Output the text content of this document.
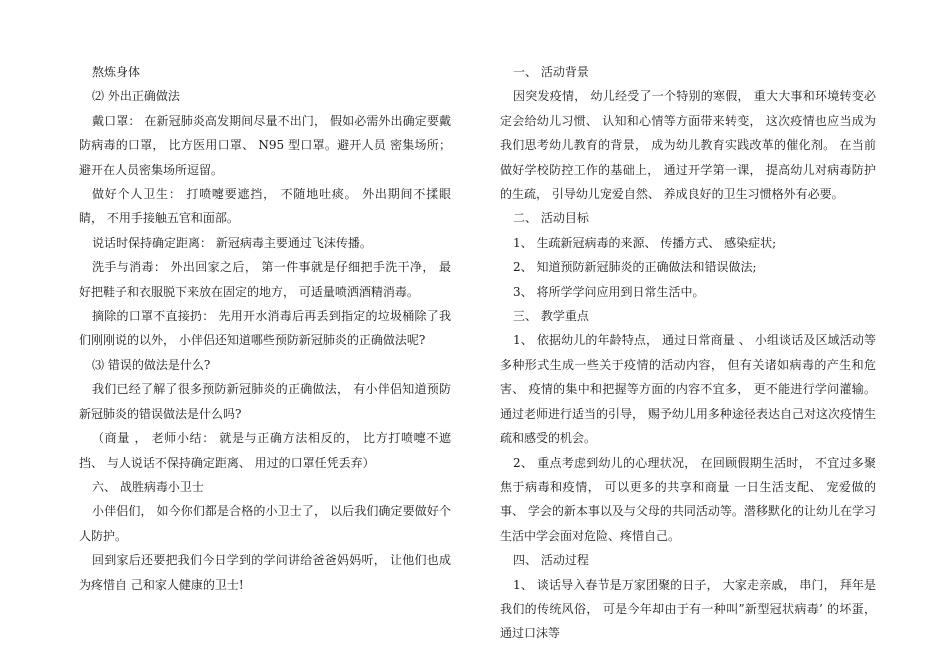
熬炼身体

⑵ 外出正确做法

戴口罩： 在新冠肺炎高发期间尽量不出门， 假如必需外出确定要戴防病毒的口罩， 比方医用口罩、 N95 型口罩。避开人员 密集场所； 避开在人员密集场所逗留。

做好个人卫生： 打喷嚏要遮挡， 不随地吐痰。 外出期间不揉眼睛， 不用手接触五官和面部。

说话时保持确定距离： 新冠病毒主要通过飞沫传播。

洗手与消毒： 外出回家之后， 第一件事就是仔细把手洗干净， 最好把鞋子和衣服脱下来放在固定的地方， 可适量喷洒酒精消毒。

摘除的口罩不直接扔： 先用开水消毒后再丢到指定的垃圾桶除了我们刚刚说的以外， 小伴侣还知道哪些预防新冠肺炎的正确做法呢?

⑶ 错误的做法是什么?

我们已经了解了很多预防新冠肺炎的正确做法， 有小伴侣知道预防新冠肺炎的错误做法是什么吗?

（商量 ， 老师小结： 就是与正确方法相反的， 比方打喷嚏不遮挡、 与人说话不保持确定距离、 用过的口罩任凭丢弃）

六、 战胜病毒小卫士

小伴侣们， 如今你们都是合格的小卫士了， 以后我们确定要做好个人防护。

回到家后还要把我们今日学到的学问讲给爸爸妈妈听， 让他们也成为疼惜自 己和家人健康的卫士!

一、 活动背景

因突发疫情， 幼儿经受了一个特别的寒假， 重大大事和环境转变必定会给幼儿习惯、 认知和心情等方面带来转变， 这次疫情也应当成为我们思考幼儿教育的背景， 成为幼儿教育实践改革的催化剂。 在当前做好学校防控工作的基础上， 通过开学第一课， 提高幼儿对病毒防护的生疏， 引导幼儿宠爱自然、 养成良好的卫生习惯格外有必要。

二、 活动目标

1、 生疏新冠病毒的来源、 传播方式、 感染症状;

2、 知道预防新冠肺炎的正确做法和错误做法;

3、 将所学学问应用到日常生活中。

三、 教学重点

1、 依据幼儿的年龄特点， 通过日常商量 、 小组谈话及区域活动等多种形式生成一些关于疫情的活动内容， 但有关诸如病毒的产生和危害、 疫情的集中和把握等方面的内容不宜多， 更不能进行学问灌输。通过老师进行适当的引导， 赐予幼儿用多种途径表达自己对这次疫情生疏和感受的机会。

2、 重点考虑到幼儿的心理状况， 在回顾假期生活时， 不宜过多聚焦于病毒和疫情， 可以更多的共享和商量 一日生活支配、 宠爱做的事、 学会的新本事以及与父母的共同活动等。潜移默化的让幼儿在学习生活中学会面对危险、疼惜自己。

四、 活动过程

1、 谈话导入春节是万家团聚的日子， 大家走亲戚， 串门， 拜年是我们的传统风俗， 可是今年却由于有一种叫”新型冠状病毒’ 的坏蛋， 通过口沫等
